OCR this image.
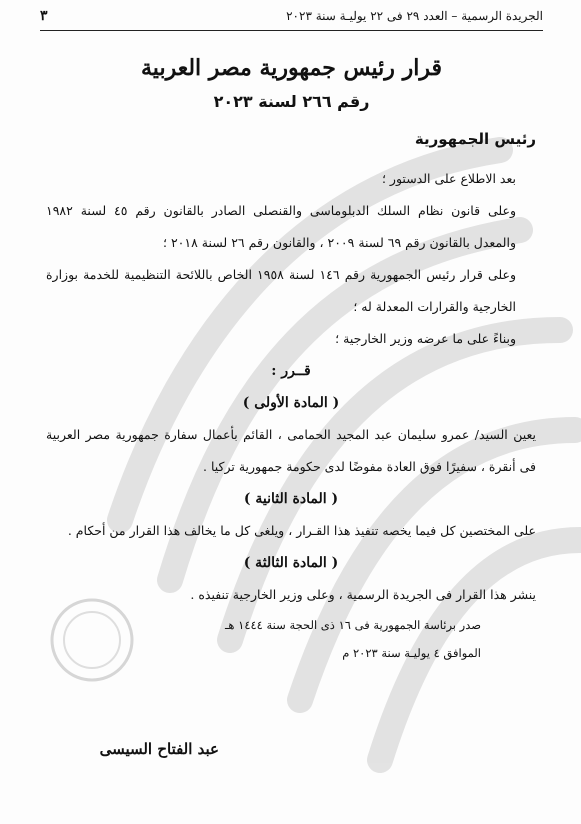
الجريدة الرسمية – العدد ٢٩ فى ٢٢ يوليـة سنة ٢٠٢٣
٣
قرار رئيس جمهورية مصر العربية
رقم ٢٦٦ لسنة ٢٠٢٣
رئيس الجمهورية

بعد الاطلاع على الدستور ؛

وعلى قانون نظام السلك الدبلوماسى والقنصلى الصادر بالقانون رقم ٤٥ لسنة ١٩٨٢ والمعدل بالقانون رقم ٦٩ لسنة ٢٠٠٩ ، والقانون رقم ٢٦ لسنة ٢٠١٨ ؛

وعلى قرار رئيس الجمهورية رقم ١٤٦ لسنة ١٩٥٨ الخاص باللائحة التنظيمية للخدمة بوزارة الخارجية والقرارات المعدلة له ؛

وبناءً على ما عرضه وزير الخارجية ؛

قــرر :

( المادة الأولى )

يعين السيد/ عمرو سليمان عبد المجيد الحمامى ، القائم بأعمال سفارة جمهورية مصر العربية فى أنقرة ، سفيرًا فوق العادة مفوضًا لدى حكومة جمهورية تركيا .

( المادة الثانية )

على المختصين كل فيما يخصه تنفيذ هذا القـرار ، ويلغى كل ما يخالف هذا القرار من أحكام .

( المادة الثالثة )

ينشر هذا القرار فى الجريدة الرسمية ، وعلى وزير الخارجية تنفيذه .

صدر برئاسة الجمهورية فى ١٦ ذى الحجة سنة ١٤٤٤ هـ

الموافق ٤ يوليـة سنة ٢٠٢٣ م

عبد الفتاح السيسى
